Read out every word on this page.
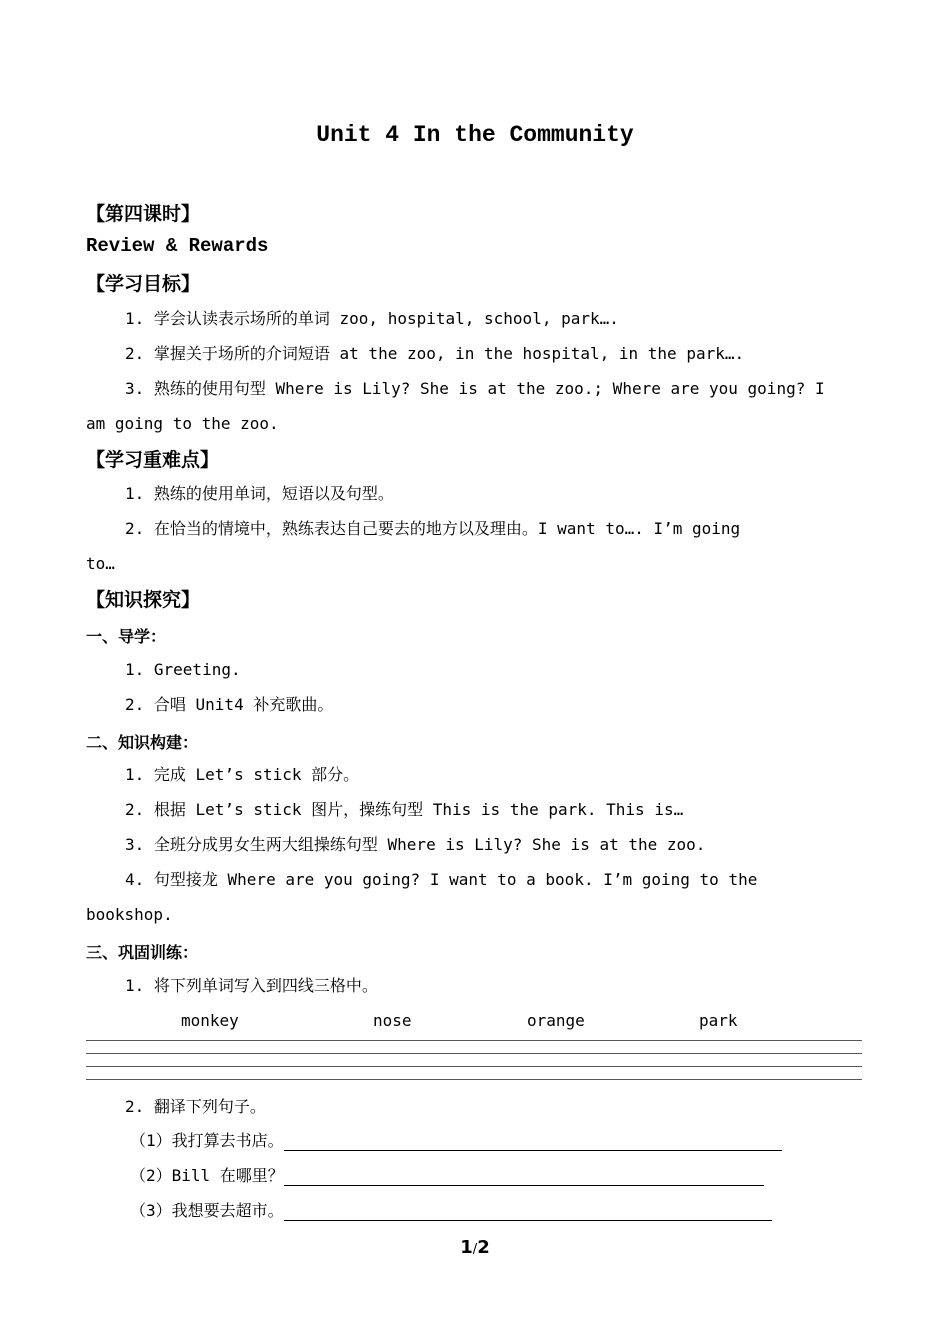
Unit 4 In the Community
【第四课时】
Review & Rewards
【学习目标】
1. 学会认读表示场所的单词 zoo, hospital, school, park….
2. 掌握关于场所的介词短语 at the zoo, in the hospital, in the park….
3. 熟练的使用句型 Where is Lily? She is at the zoo.; Where are you going? I
am going to the zoo.
【学习重难点】
1. 熟练的使用单词，短语以及句型。
2. 在恰当的情境中，熟练表达自己要去的地方以及理由。I want to…. I’m going
to…
【知识探究】
一、导学：
1. Greeting.
2. 合唱 Unit4 补充歌曲。
二、知识构建：
1. 完成 Let’s stick 部分。
2. 根据 Let’s stick 图片，操练句型 This is the park. This is…
3. 全班分成男女生两大组操练句型 Where is Lily? She is at the zoo.
4. 句型接龙 Where are you going? I want to a book. I’m going to the
bookshop.
三、巩固训练：
1. 将下列单词写入到四线三格中。
monkey	nose	orange	park
2. 翻译下列句子。
（1）我打算去书店。
（2）Bill 在哪里？
（3）我想要去超市。
1/2
